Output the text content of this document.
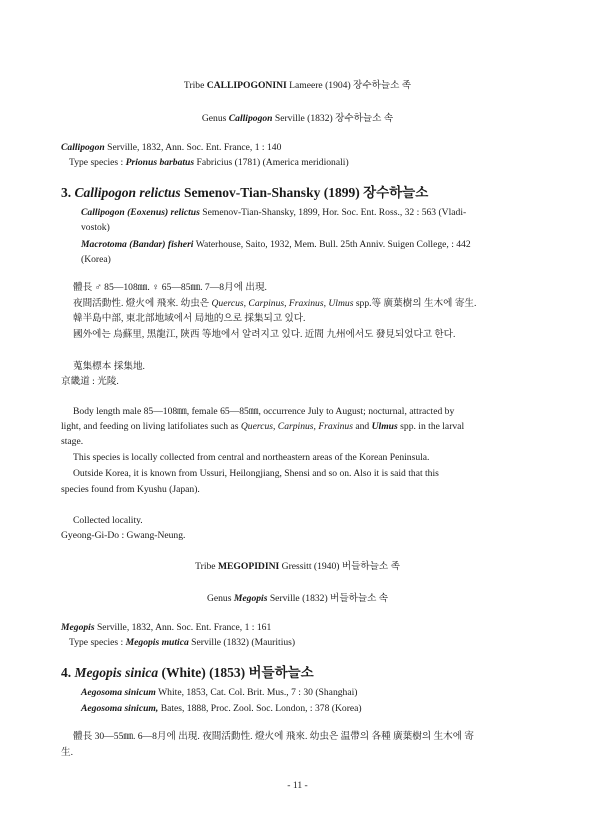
Tribe CALLIPOGONINI Lameere (1904) 장수하늘소 족
Genus Callipogon Serville (1832) 장수하늘소 속
Callipogon Serville, 1832, Ann. Soc. Ent. France, 1 : 140
Type species : Prionus barbatus Fabricius (1781) (America meridionali)
3. Callipogon relictus Semenov-Tian-Shansky (1899) 장수하늘소
Callipogon (Eoxenus) relictus Semenov-Tian-Shansky, 1899, Hor. Soc. Ent. Ross., 32 : 563 (Vladi-
vostok)
Macrotoma (Bandar) fisheri Waterhouse, Saito, 1932, Mem. Bull. 25th Anniv. Suigen College, : 442
(Korea)
體長 ♂ 85—108㎜. ♀ 65—85㎜. 7—8月에 出現.
夜間活動性. 燈火에 飛來. 幼虫은 Quercus, Carpinus, Fraxinus, Ulmus spp.等 廣葉樹의 生木에 寄生.
韓半島中部, 東北部地域에서 局地的으로 採集되고 있다.
國外에는 烏蘇里, 黑龍江, 陝西 等地에서 알려지고 있다. 近間 九州에서도 發見되었다고 한다.
蒐集標本 採集地.
京畿道 : 光陵.
Body length male 85—108㎜, female 65—85㎜, occurrence July to August; nocturnal, attracted by
light, and feeding on living latifoliates such as Quercus, Carpinus, Fraxinus and Ulmus spp. in the larval
stage.
This species is locally collected from central and northeastern areas of the Korean Peninsula.
Outside Korea, it is known from Ussuri, Heilongjiang, Shensi and so on. Also it is said that this
species found from Kyushu (Japan).
Collected locality.
Gyeong-Gi-Do : Gwang-Neung.
Tribe MEGOPIDINI Gressitt (1940) 버들하늘소 족
Genus Megopis Serville (1832) 버들하늘소 속
Megopis Serville, 1832, Ann. Soc. Ent. France, 1 : 161
Type species : Megopis mutica Serville (1832) (Mauritius)
4. Megopis sinica (White) (1853) 버들하늘소
Aegosoma sinicum White, 1853, Cat. Col. Brit. Mus., 7 : 30 (Shanghai)
Aegosoma sinicum, Bates, 1888, Proc. Zool. Soc. London, : 378 (Korea)
體長 30—55㎜. 6—8月에 出現. 夜間活動性. 燈火에 飛來. 幼虫은 温帶의 各種 廣葉樹의 生木에 寄
生.
- 11 -
